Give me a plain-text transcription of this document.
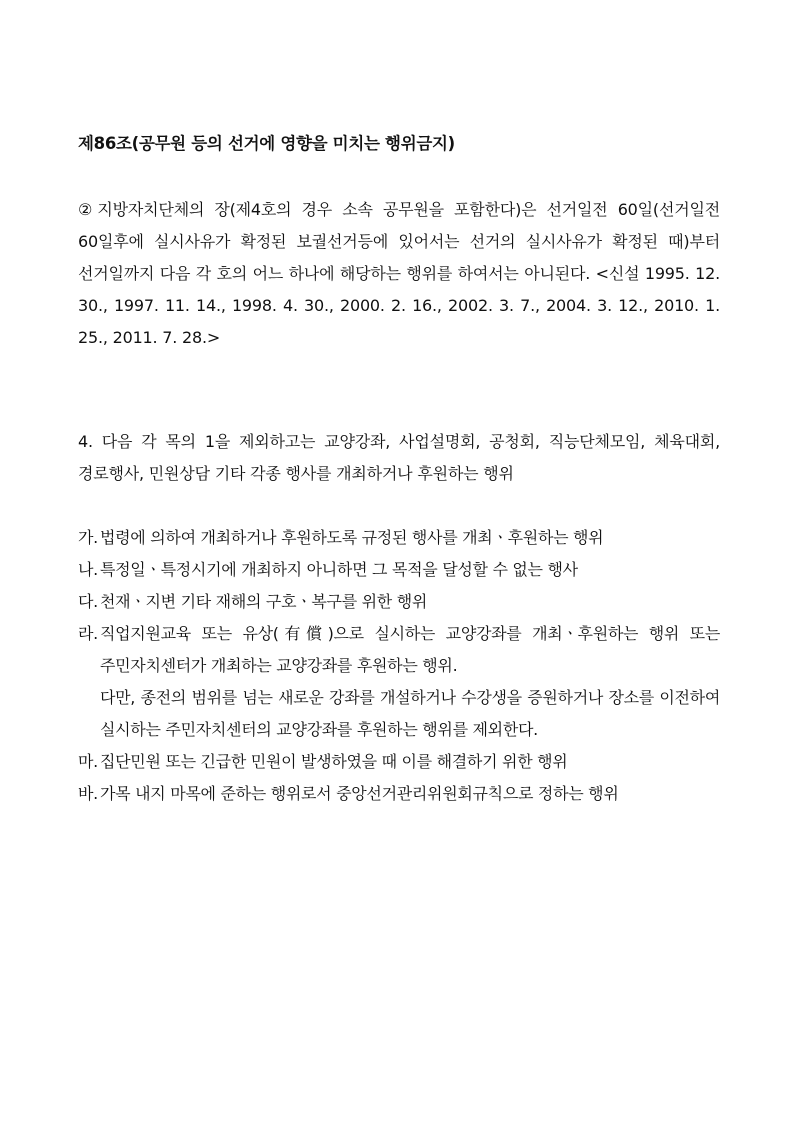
제86조(공무원 등의 선거에 영향을 미치는 행위금지)
②지방자치단체의 장(제4호의 경우 소속 공무원을 포함한다)은 선거일전 60일(선거일전 60일후에 실시사유가 확정된 보궐선거등에 있어서는 선거의 실시사유가 확정된 때)부터 선거일까지 다음 각 호의 어느 하나에 해당하는 행위를 하여서는 아니된다. <신설 1995. 12. 30., 1997. 11. 14., 1998. 4. 30., 2000. 2. 16., 2002. 3. 7., 2004. 3. 12., 2010. 1. 25., 2011. 7. 28.>
4. 다음 각 목의 1을 제외하고는 교양강좌, 사업설명회, 공청회, 직능단체모임, 체육대회, 경로행사, 민원상담 기타 각종 행사를 개최하거나 후원하는 행위
가. 법령에 의하여 개최하거나 후원하도록 규정된 행사를 개최ㆍ후원하는 행위
나. 특정일ㆍ특정시기에 개최하지 아니하면 그 목적을 달성할 수 없는 행사
다. 천재ㆍ지변 기타 재해의 구호ㆍ복구를 위한 행위
라. 직업지원교육 또는 유상(有償)으로 실시하는 교양강좌를 개최ㆍ후원하는 행위 또는 주민자치센터가 개최하는 교양강좌를 후원하는 행위.
다만, 종전의 범위를 넘는 새로운 강좌를 개설하거나 수강생을 증원하거나 장소를 이전하여 실시하는 주민자치센터의 교양강좌를 후원하는 행위를 제외한다.
마. 집단민원 또는 긴급한 민원이 발생하였을 때 이를 해결하기 위한 행위
바. 가목 내지 마목에 준하는 행위로서 중앙선거관리위원회규칙으로 정하는 행위
